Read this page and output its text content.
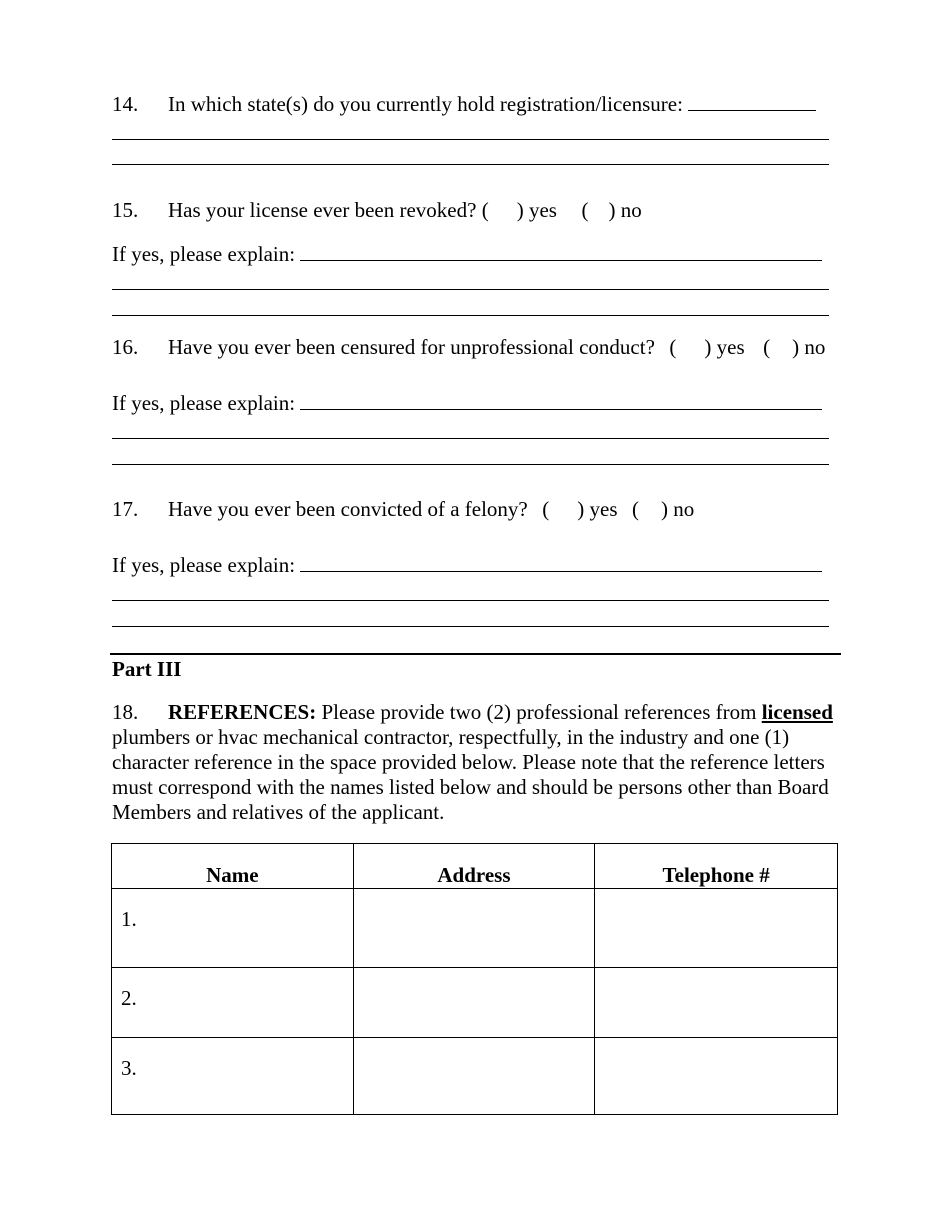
14. In which state(s) do you currently hold registration/licensure:
15. Has your license ever been revoked? ( ) yes ( ) no
If yes, please explain:
16. Have you ever been censured for unprofessional conduct? ( ) yes ( ) no
If yes, please explain:
17. Have you ever been convicted of a felony? ( ) yes ( ) no
If yes, please explain:
Part III
18. REFERENCES: Please provide two (2) professional references from licensed plumbers or hvac mechanical contractor, respectfully, in the industry and one (1) character reference in the space provided below. Please note that the reference letters must correspond with the names listed below and should be persons other than Board Members and relatives of the applicant.
Name	Address	Telephone #

1.		

2.		

3.		
